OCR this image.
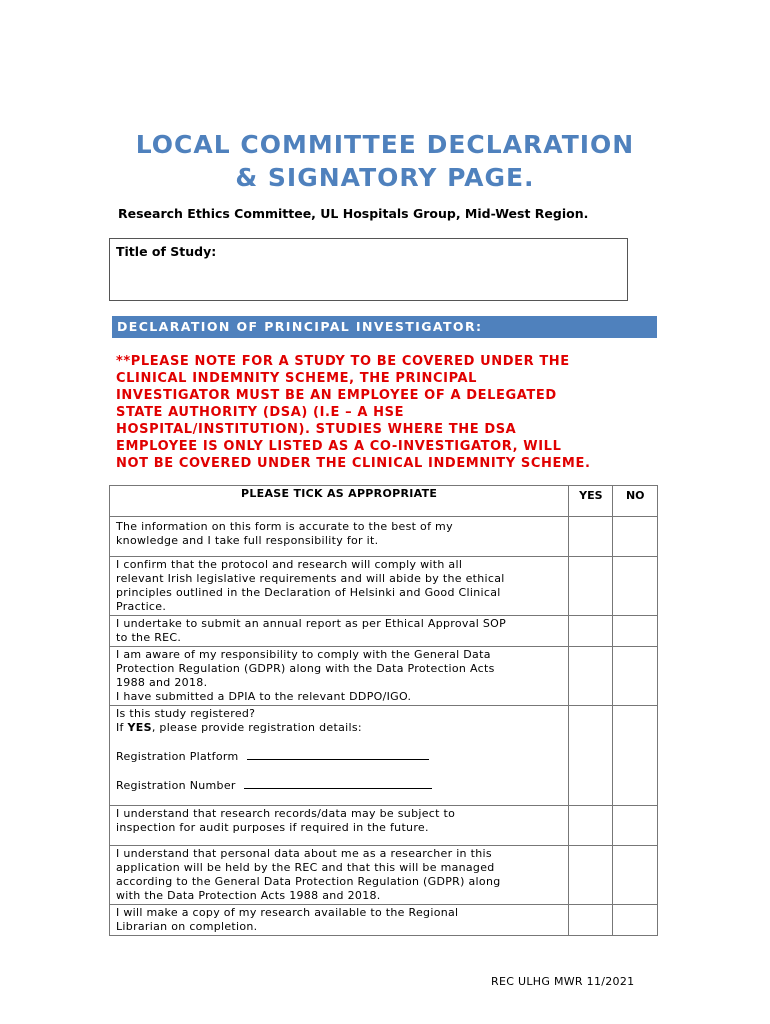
LOCAL COMMITTEE DECLARATION
& SIGNATORY PAGE.
Research Ethics Committee, UL Hospitals Group, Mid-West Region.
Title of Study:
DECLARATION OF PRINCIPAL INVESTIGATOR:
**PLEASE NOTE FOR A STUDY TO BE COVERED UNDER THE
CLINICAL INDEMNITY SCHEME, THE PRINCIPAL
INVESTIGATOR MUST BE AN EMPLOYEE OF A DELEGATED
STATE AUTHORITY (DSA) (I.E – A HSE
HOSPITAL/INSTITUTION). STUDIES WHERE THE DSA
EMPLOYEE IS ONLY LISTED AS A CO-INVESTIGATOR, WILL
NOT BE COVERED UNDER THE CLINICAL INDEMNITY SCHEME.
PLEASE TICK AS APPROPRIATE	YES	NO

The information on this form is accurate to the best of my
knowledge and I take full responsibility for it.		

I confirm that the protocol and research will comply with all
relevant Irish legislative requirements and will abide by the ethical
principles outlined in the Declaration of Helsinki and Good Clinical
Practice.		

I undertake to submit an annual report as per Ethical Approval SOP
to the REC.		

I am aware of my responsibility to comply with the General Data
Protection Regulation (GDPR) along with the Data Protection Acts
1988 and 2018.
I have submitted a DPIA to the relevant DDPO/IGO.		

Is this study registered?
If YES, please provide registration details:
Registration Platform
Registration Number		

I understand that research records/data may be subject to
inspection for audit purposes if required in the future.		

I understand that personal data about me as a researcher in this
application will be held by the REC and that this will be managed
according to the General Data Protection Regulation (GDPR) along
with the Data Protection Acts 1988 and 2018.		

I will make a copy of my research available to the Regional
Librarian on completion.		

REC ULHG MWR 11/2021
